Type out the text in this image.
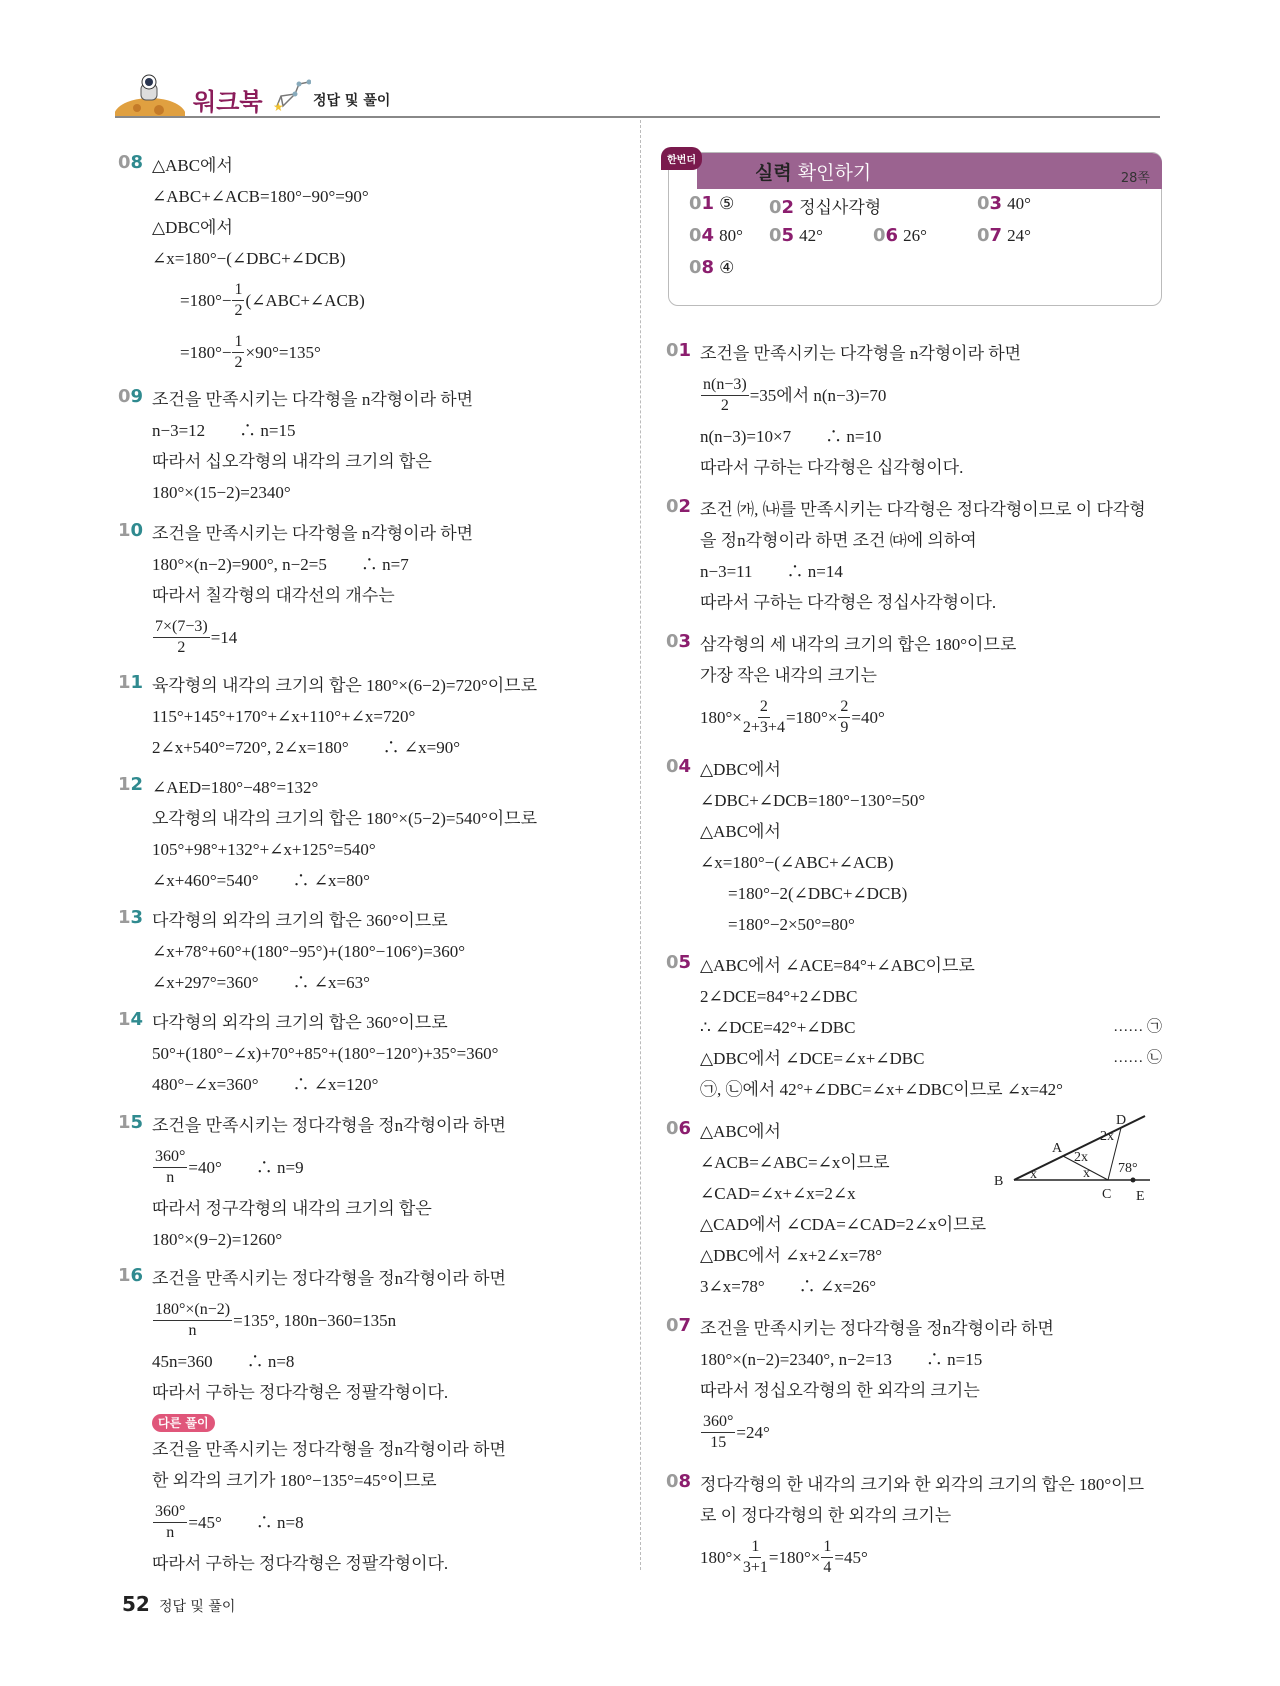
워크북 ★ 정답 및 풀이
08 △ABC에서
∠ABC+∠ACB=180°−90°=90°
△DBC에서
∠x=180°−(∠DBC+∠DCB)
$=180^\circ- \frac{1}{2}$ (∠ABC+∠ACB)
$=180^\circ- \frac{1}{2} \times 90^\circ=135^\circ$
09 조건을 만족시키는 다각형을 n각형이라 하면
n−3=12　　∴ n=15
따라서 십오각형의 내각의 크기의 합은
180°×(15−2)=2340°
10 조건을 만족시키는 다각형을 n각형이라 하면
180°×(n−2)=900°, n−2=5　　∴ n=7
따라서 칠각형의 대각선의 개수는
$\frac{7\times(7-3)}{2} =14$
11 육각형의 내각의 크기의 합은 180°×(6−2)=720°이므로
115°+145°+170°+∠x+110°+∠x=720°
2∠x+540°=720°, 2∠x=180°　　∴ ∠x=90°
12 ∠AED=180°−48°=132°
오각형의 내각의 크기의 합은 180°×(5−2)=540°이므로
105°+98°+132°+∠x+125°=540°
∠x+460°=540°　　∴ ∠x=80°
13 다각형의 외각의 크기의 합은 360°이므로
∠x+78°+60°+(180°−95°)+(180°−106°)=360°
∠x+297°=360°　　∴ ∠x=63°
14 다각형의 외각의 크기의 합은 360°이므로
50°+(180°−∠x)+70°+85°+(180°−120°)+35°=360°
480°−∠x=360°　　∴ ∠x=120°
15 조건을 만족시키는 정다각형을 정n각형이라 하면
$\frac{360^\circ}{n} =40^\circ$　　∴ n=9
따라서 정구각형의 내각의 크기의 합은
180°×(9−2)=1260°
16 조건을 만족시키는 정다각형을 정n각형이라 하면
$\frac{180^\circ\times(n-2)}{n} =135^\circ$, 180n−360=135n
45n=360　　∴ n=8
따라서 구하는 정다각형은 정팔각형이다.
다른 풀이
조건을 만족시키는 정다각형을 정n각형이라 하면
한 외각의 크기가 180°−135°=45°이므로
$\frac{360^\circ}{n} =45^\circ$　　∴ n=8
따라서 구하는 정다각형은 정팔각형이다.
01 조건을 만족시키는 다각형을 n각형이라 하면
$\frac{n(n-3)}{2} =35$에서 n(n−3)=70
n(n−3)=10×7　　∴ n=10
따라서 구하는 다각형은 십각형이다.
02 조건 ㈎, ㈏를 만족시키는 다각형은 정다각형이므로 이 다각형
을 정n각형이라 하면 조건 ㈐에 의하여
n−3=11　　∴ n=14
따라서 구하는 다각형은 정십사각형이다.
03 삼각형의 세 내각의 크기의 합은 180°이므로
가장 작은 내각의 크기는
$180^\circ\times \frac{2}{2+3+4} =180^\circ\times \frac{2}{9} =40^\circ$
04 △DBC에서
∠DBC+∠DCB=180°−130°=50°
△ABC에서
∠x=180°−(∠ABC+∠ACB)
=180°−2(∠DBC+∠DCB)
=180°−2×50°=80°
05 △ABC에서 ∠ACE=84°+∠ABC이므로
2∠DCE=84°+2∠DBC
∴ ∠DCE=42°+∠DBC	…… ㉠
△DBC에서 ∠DCE=∠x+∠DBC	…… ㉡
㉠, ㉡에서 42°+∠DBC=∠x+∠DBC이므로 ∠x=42°
06 △ABC에서
∠ACB=∠ABC=∠x이므로
∠CAD=∠x+∠x=2∠x
△CAD에서 ∠CDA=∠CAD=2∠x이므로
△DBC에서 ∠x+2∠x=78°
3∠x=78°　　∴ ∠x=26°
07 조건을 만족시키는 정다각형을 정n각형이라 하면
180°×(n−2)=2340°, n−2=13　　∴ n=15
따라서 정십오각형의 한 외각의 크기는
$\frac{360^\circ}{15} =24^\circ$
08 정다각형의 한 내각의 크기와 한 외각의 크기의 합은 180°이므
로 이 정다각형의 한 외각의 크기는
$180^\circ\times \frac{1}{3+1} =180^\circ\times \frac{1}{4} =45^\circ$
실력 확인하기	28쪽
한번더
01 ⑤ 02 정십사각형	03 40°
04 80° 05 42°	06 26°	07 24°
08 ④
B
A
D
C E
x	x
2x
2x
78°
52 정답 및 풀이
